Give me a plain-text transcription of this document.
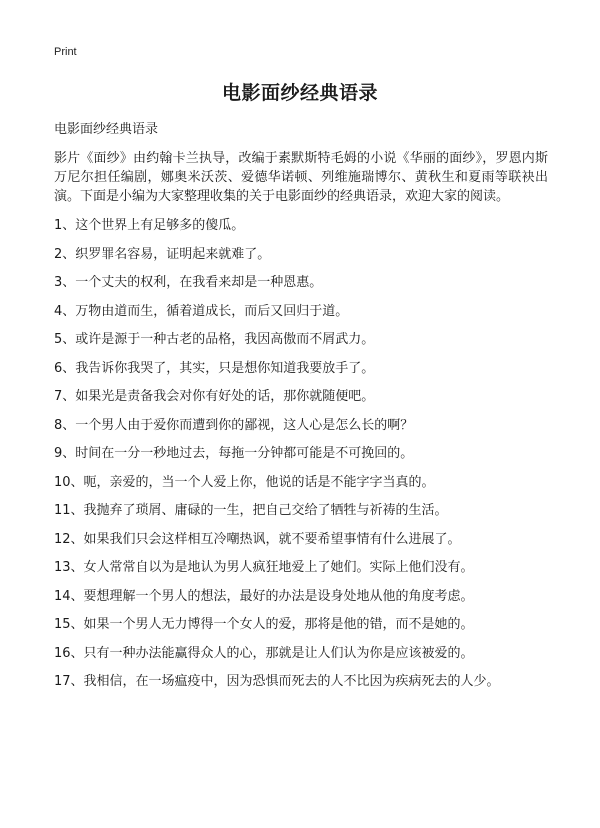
Print
电影面纱经典语录

电影面纱经典语录

影片《面纱》由约翰卡兰执导，改编于素默斯特毛姆的小说《华丽的面纱》，罗恩内斯万尼尔担任编剧，娜奥米沃茨、爱德华诺顿、列维施瑞博尔、黄秋生和夏雨等联袂出演。下面是小编为大家整理收集的关于电影面纱的经典语录，欢迎大家的阅读。

1、这个世界上有足够多的傻瓜。
2、织罗罪名容易，证明起来就难了。
3、一个丈夫的权利，在我看来却是一种恩惠。
4、万物由道而生，循着道成长，而后又回归于道。
5、或许是源于一种古老的品格，我因高傲而不屑武力。
6、我告诉你我哭了，其实，只是想你知道我要放手了。
7、如果光是责备我会对你有好处的话，那你就随便吧。
8、一个男人由于爱你而遭到你的鄙视，这人心是怎么长的啊？
9、时间在一分一秒地过去，每拖一分钟都可能是不可挽回的。
10、呃，亲爱的，当一个人爱上你，他说的话是不能字字当真的。
11、我抛弃了琐屑、庸碌的一生，把自己交给了牺牲与祈祷的生活。
12、如果我们只会这样相互冷嘲热讽，就不要希望事情有什么进展了。
13、女人常常自以为是地认为男人疯狂地爱上了她们。实际上他们没有。
14、要想理解一个男人的想法，最好的办法是设身处地从他的角度考虑。
15、如果一个男人无力博得一个女人的爱，那将是他的错，而不是她的。
16、只有一种办法能赢得众人的心，那就是让人们认为你是应该被爱的。
17、我相信，在一场瘟疫中，因为恐惧而死去的人不比因为疾病死去的人少。
